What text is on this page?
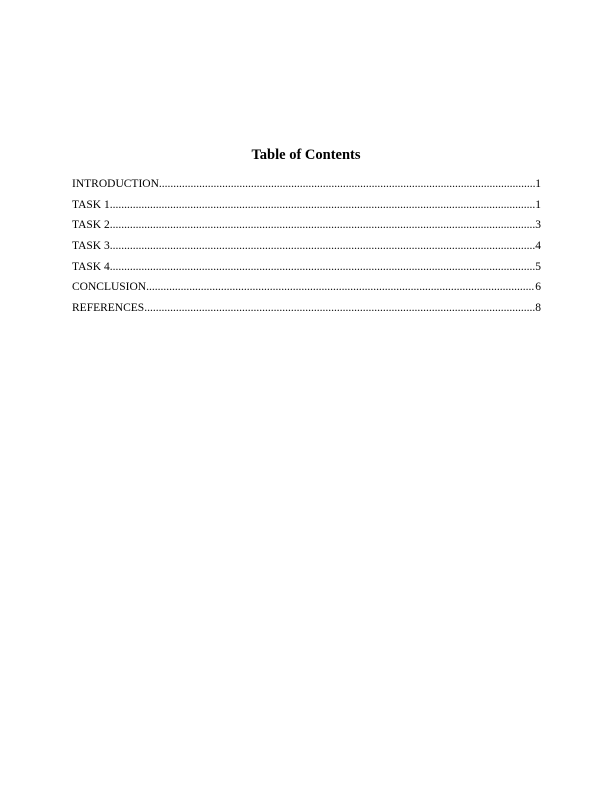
Table of Contents
INTRODUCTION .....	1
TASK 1 .....	1
TASK 2 .....	3
TASK 3 .....	4
TASK 4 .....	5
CONCLUSION .....	6
REFERENCES .....	8
